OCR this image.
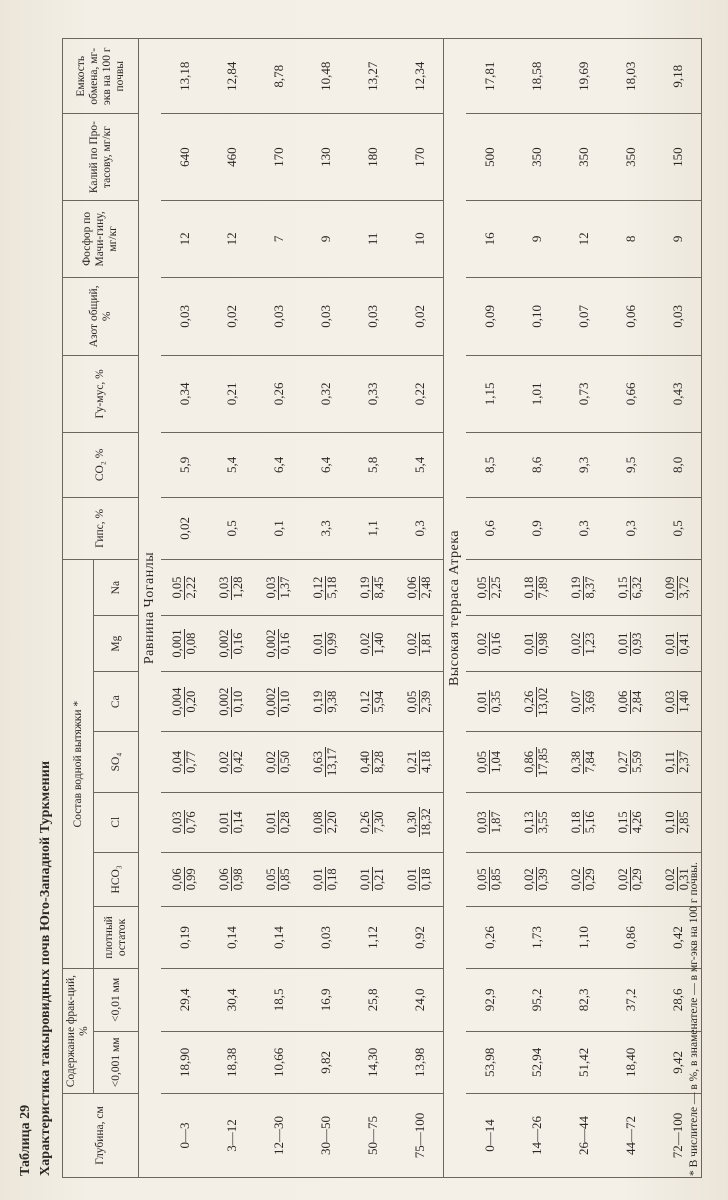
Таблица 29 Характеристика такыровидных почв Юго-Западной Туркмении	Глубина, см	Содержание фрак-ций, %		Состав водной вытяжки *							Гипс, %	CO₂ %	Гу-мус, %	Азот общий, %	Фосфор по Мачи-гину, мг/кг	Калий по Про-тасову, мг/кг	Емкость обмена, мг-экв на 100 г почвы
	<0,001 мм	<0,01 мм	плотный остаток	HCO₃	Cl	SO₄	Ca	Mg	Na							
Равнина Чоганлы																
0—3	18,90	29,4	0,19	0,06 0,99	0,03 0,76	0,04 0,77	0,004 0,20	0,001 0,08	0,05 2,22	0,02	5,9	0,34	0,03	12	640	13,18
3—12	18,38	30,4	0,14	0,06 0,98	0,01 0,14	0,02 0,42	0,002 0,10	0,002 0,16	0,03 1,28	0,5	5,4	0,21	0,02	12	460	12,84
12—30	10,66	18,5	0,14	0,05 0,85	0,01 0,28	0,02 0,50	0,002 0,10	0,002 0,16	0,03 1,37	0,1	6,4	0,26	0,03	7	170	8,78
30—50	9,82	16,9	0,03	0,01 0,18	0,08 2,20	0,63 13,17	0,19 9,38	0,01 0,99	0,12 5,18	3,3	6,4	0,32	0,03	9	130	10,48
50—75	14,30	25,8	1,12	0,01 0,21	0,26 7,30	0,40 8,28	0,12 5,94	0,02 1,40	0,19 8,45	1,1	5,8	0,33	0,03	11	180	13,27
75—100	13,98	24,0	0,92	0,01 0,18	0,30 18,32	0,21 4,18	0,05 2,39	0,02 1,81	0,06 2,48	0,3	5,4	0,22	0,02	10	170	12,34
Высокая терраса Атрека																
0—14	53,98	92,9	0,26	0,05 0,85	0,03 1,87	0,05 1,04	0,01 0,35	0,02 0,16	0,05 2,25	0,6	8,5	1,15	0,09	16	500	17,81
14—26	52,94	95,2	1,73	0,02 0,39	0,13 3,55	0,86 17,85	0,26 13,02	0,01 0,98	0,18 7,89	0,9	8,6	1,01	0,10	9	350	18,58
26—44	51,42	82,3	1,10	0,02 0,29	0,18 5,16	0,38 7,84	0,07 3,69	0,02 1,23	0,19 8,37	0,3	9,3	0,73	0,07	12	350	19,69
44—72	18,40	37,2	0,86	0,02 0,29	0,15 4,26	0,27 5,59	0,06 2,84	0,01 0,93	0,15 6,32	0,3	9,5	0,66	0,06	8	350	18,03
72—100	9,42	28,6	0,42	0,02 0,31	0,10 2,85	0,11 2,37	0,03 1,40	0,01 0,41	0,09 3,72	0,5	8,0	0,43	0,03	9	150	9,18
* В числителе — в %, в знаменателе — в мг-экв на 100 г почвы.
